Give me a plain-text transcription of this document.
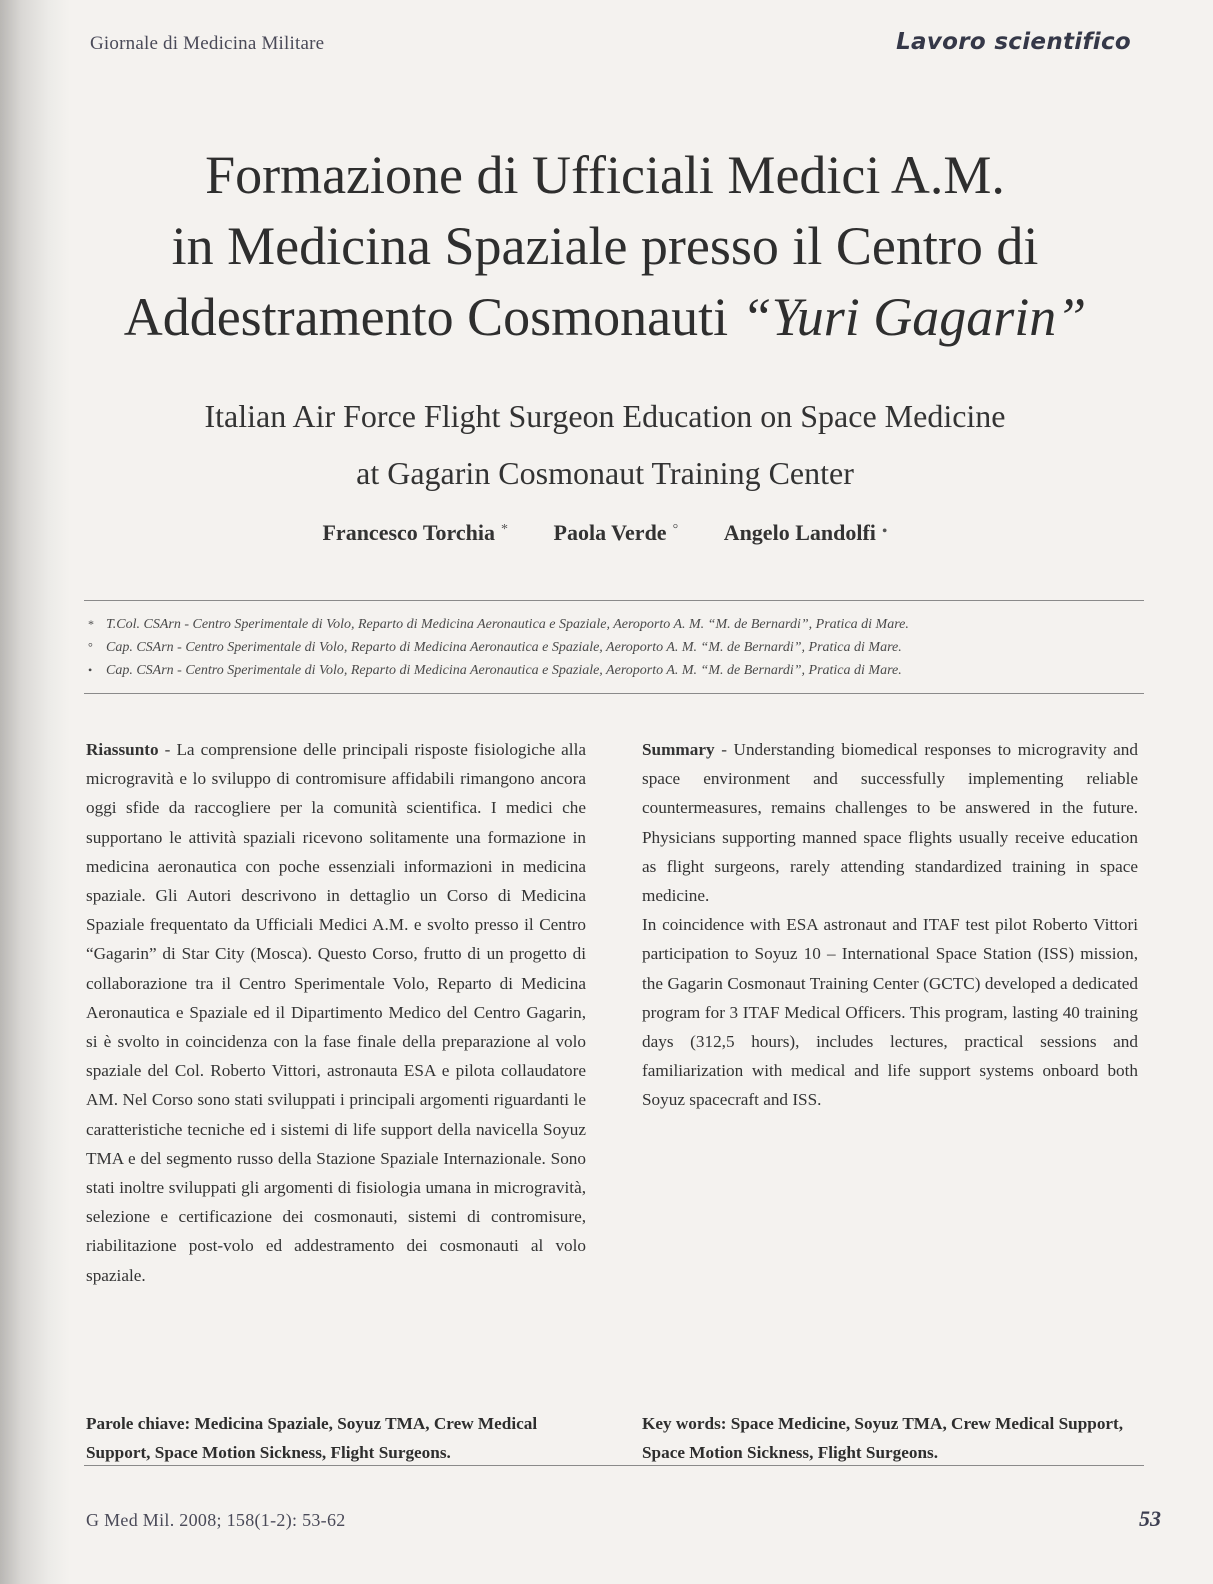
Giornale di Medicina Militare	Lavoro scientifico
Formazione di Ufficiali Medici A.M.
in Medicina Spaziale presso il Centro di
Addestramento Cosmonauti “Yuri Gagarin”
Italian Air Force Flight Surgeon Education on Space Medicine
at Gagarin Cosmonaut Training Center
Francesco Torchia * Paola Verde ° Angelo Landolfi •
* T.Col. CSArn - Centro Sperimentale di Volo, Reparto di Medicina Aeronautica e Spaziale, Aeroporto A. M. “M. de Bernardi”, Pratica di Mare.
° Cap. CSArn - Centro Sperimentale di Volo, Reparto di Medicina Aeronautica e Spaziale, Aeroporto A. M. “M. de Bernardi”, Pratica di Mare.
• Cap. CSArn - Centro Sperimentale di Volo, Reparto di Medicina Aeronautica e Spaziale, Aeroporto A. M. “M. de Bernardi”, Pratica di Mare.

Riassunto - La comprensione delle principali risposte fisiologiche alla microgravità e lo sviluppo di contromisure affidabili rimangono ancora oggi sfide da raccogliere per la comunità scientifica. I medici che supportano le attività spaziali ricevono solitamente una formazione in medicina aeronautica con poche essenziali informazioni in medicina spaziale. Gli Autori descrivono in dettaglio un Corso di Medicina Spaziale frequentato da Ufficiali Medici A.M. e svolto presso il Centro “Gagarin” di Star City (Mosca). Questo Corso, frutto di un progetto di collaborazione tra il Centro Sperimentale Volo, Reparto di Medicina Aeronautica e Spaziale ed il Dipartimento Medico del Centro Gagarin, si è svolto in coincidenza con la fase finale della preparazione al volo spaziale del Col. Roberto Vittori, astronauta ESA e pilota collaudatore AM. Nel Corso sono stati sviluppati i principali argomenti riguardanti le caratteristiche tecniche ed i sistemi di life support della navicella Soyuz TMA e del segmento russo della Stazione Spaziale Internazionale. Sono stati inoltre sviluppati gli argomenti di fisiologia umana in microgravità, selezione e certificazione dei cosmonauti, sistemi di contromisure, riabilitazione post-volo ed addestramento dei cosmonauti al volo spaziale.

Summary - Understanding biomedical responses to microgravity and space environment and successfully implementing reliable countermeasures, remains challenges to be answered in the future. Physicians supporting manned space flights usually receive education as flight surgeons, rarely attending standardized training in space medicine.

In coincidence with ESA astronaut and ITAF test pilot Roberto Vittori participation to Soyuz 10 – International Space Station (ISS) mission, the Gagarin Cosmonaut Training Center (GCTC) developed a dedicated program for 3 ITAF Medical Officers. This program, lasting 40 training days (312,5 hours), includes lectures, practical sessions and familiarization with medical and life support systems onboard both Soyuz spacecraft and ISS.

Parole chiave: Medicina Spaziale, Soyuz TMA, Crew Medical Support, Space Motion Sickness, Flight Surgeons.
Key words: Space Medicine, Soyuz TMA, Crew Medical Support, Space Motion Sickness, Flight Surgeons.
G Med Mil. 2008; 158(1-2): 53-62	53
